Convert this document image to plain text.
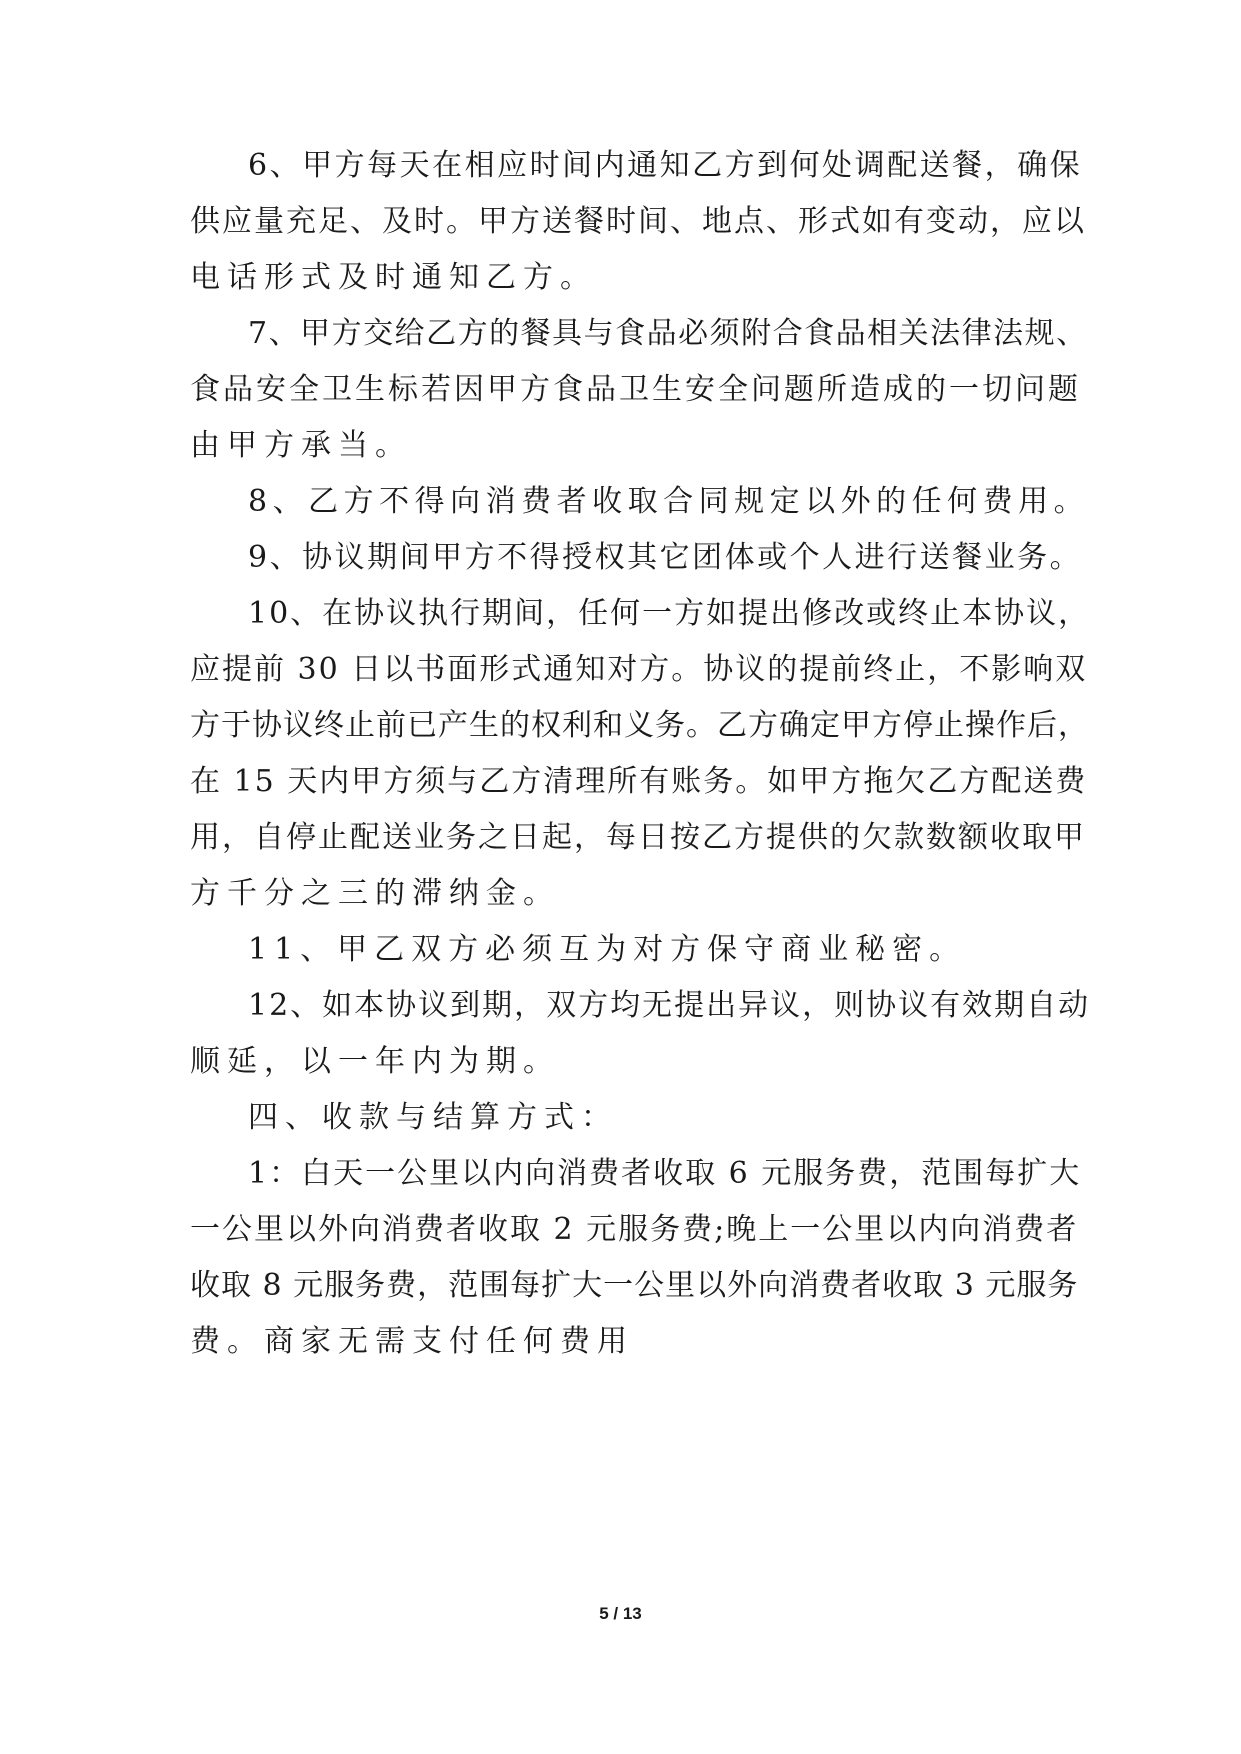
6、甲方每天在相应时间内通知乙方到何处调配送餐，确保
供应量充足、及时。甲方送餐时间、地点、形式如有变动，应以
电话形式及时通知乙方。
7、甲方交给乙方的餐具与食品必须附合食品相关法律法规、
食品安全卫生标若因甲方食品卫生安全问题所造成的一切问题
由甲方承当。
8、乙方不得向消费者收取合同规定以外的任何费用。
9、协议期间甲方不得授权其它团体或个人进行送餐业务。
10、在协议执行期间，任何一方如提出修改或终止本协议，
应提前 30 日以书面形式通知对方。协议的提前终止，不影响双
方于协议终止前已产生的权利和义务。乙方确定甲方停止操作后，
在 15 天内甲方须与乙方清理所有账务。如甲方拖欠乙方配送费
用，自停止配送业务之日起，每日按乙方提供的欠款数额收取甲
方千分之三的滞纳金。
11、甲乙双方必须互为对方保守商业秘密。
12、如本协议到期，双方均无提出异议，则协议有效期自动
顺延，以一年内为期。
四、收款与结算方式：
1：白天一公里以内向消费者收取 6 元服务费，范围每扩大
一公里以外向消费者收取 2 元服务费;晚上一公里以内向消费者
收取 8 元服务费，范围每扩大一公里以外向消费者收取 3 元服务
费。商家无需支付任何费用
5 / 13
